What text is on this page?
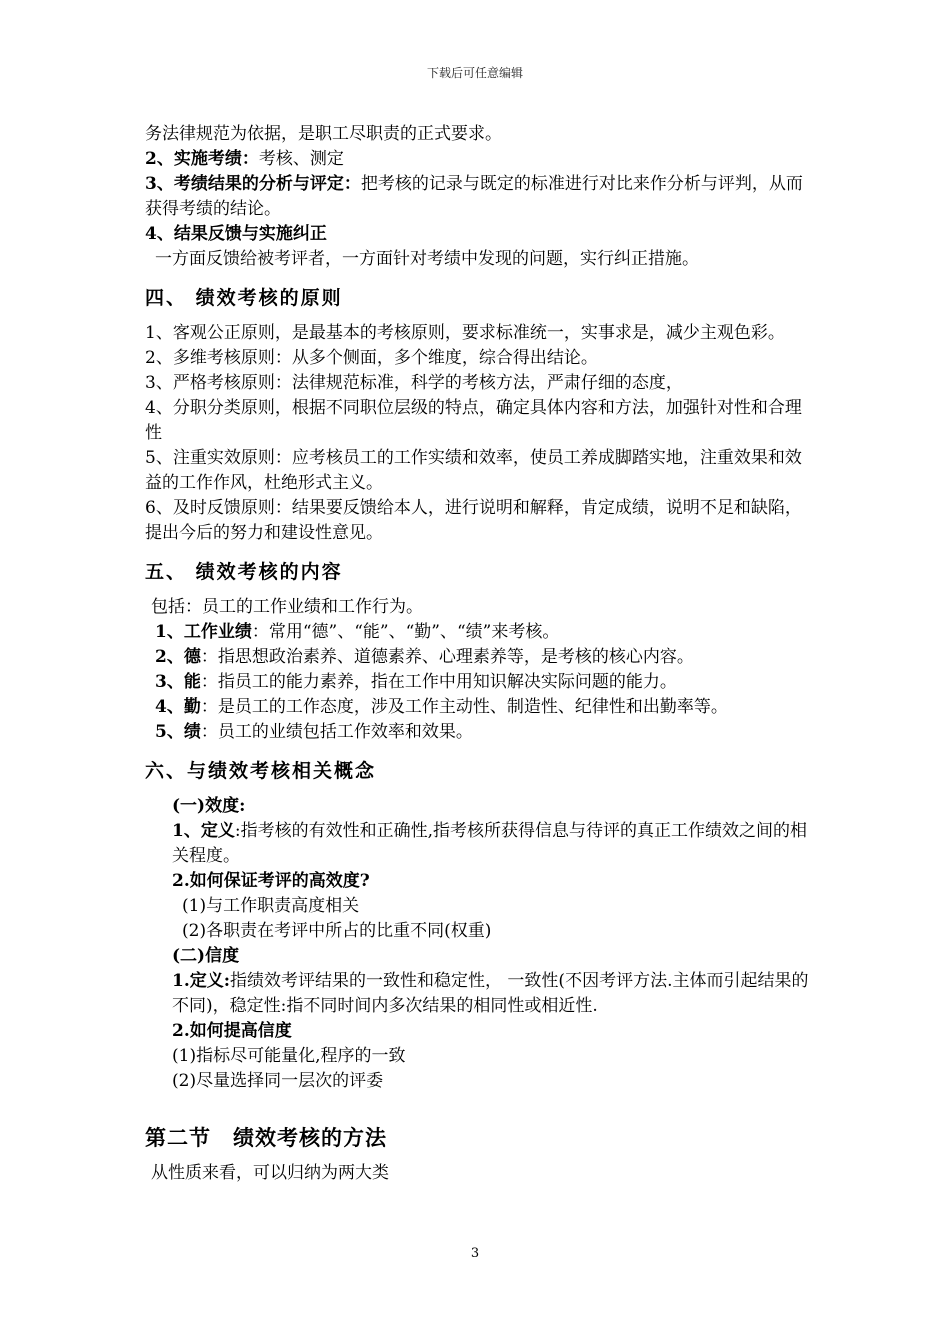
下载后可任意编辑

务法律规范为依据，是职工尽职责的正式要求。

2、实施考绩：考核、测定

3、考绩结果的分析与评定：把考核的记录与既定的标准进行对比来作分析与评判，从而获得考绩的结论。

4、结果反馈与实施纠正

一方面反馈给被考评者，一方面针对考绩中发现的问题，实行纠正措施。

四、 绩效考核的原则

1、客观公正原则，是最基本的考核原则，要求标准统一，实事求是，减少主观色彩。

2、多维考核原则：从多个侧面，多个维度，综合得出结论。

3、严格考核原则：法律规范标准，科学的考核方法，严肃仔细的态度，

4、分职分类原则，根据不同职位层级的特点，确定具体内容和方法，加强针对性和合理性

5、注重实效原则：应考核员工的工作实绩和效率，使员工养成脚踏实地，注重效果和效益的工作作风，杜绝形式主义。

6、及时反馈原则：结果要反馈给本人，进行说明和解释，肯定成绩，说明不足和缺陷，提出今后的努力和建设性意见。

五、 绩效考核的内容

包括：员工的工作业绩和工作行为。

1、工作业绩：常用“德”、“能”、“勤”、“绩”来考核。

2、德：指思想政治素养、道德素养、心理素养等，是考核的核心内容。

3、能：指员工的能力素养，指在工作中用知识解决实际问题的能力。

4、勤：是员工的工作态度，涉及工作主动性、制造性、纪律性和出勤率等。

5、绩：员工的业绩包括工作效率和效果。

六、与绩效考核相关概念

(一)效度:

1、定义:指考核的有效性和正确性,指考核所获得信息与待评的真正工作绩效之间的相关程度。

2.如何保证考评的高效度?

(1)与工作职责高度相关

(2)各职责在考评中所占的比重不同(权重)

(二)信度

1.定义:指绩效考评结果的一致性和稳定性， 一致性(不因考评方法.主体而引起结果的不同)，稳定性:指不同时间内多次结果的相同性或相近性.

2.如何提高信度

(1)指标尽可能量化,程序的一致

(2)尽量选择同一层次的评委

第二节　绩效考核的方法

从性质来看，可以归纳为两大类

3
